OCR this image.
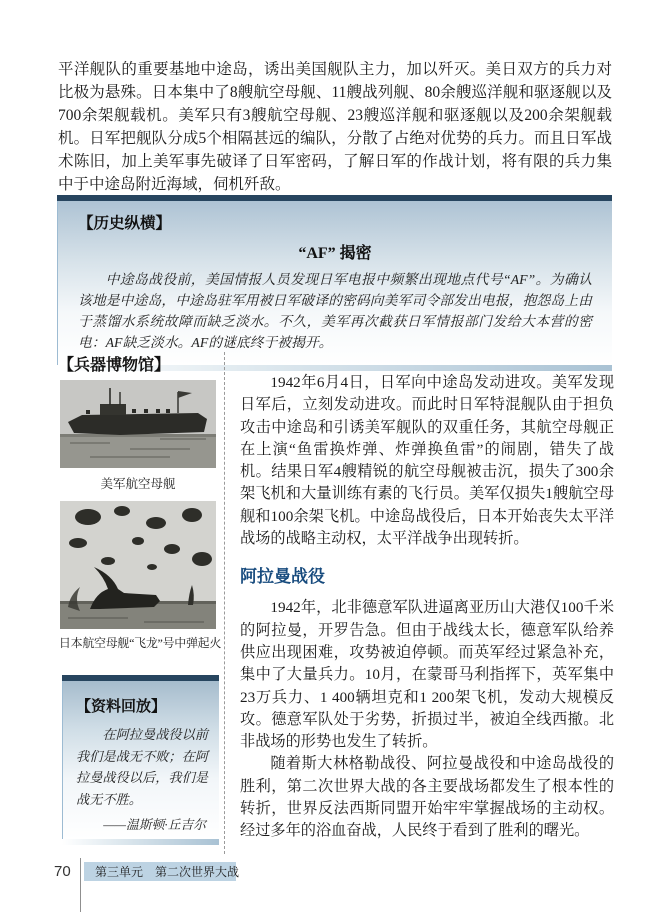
平洋舰队的重要基地中途岛，诱出美国舰队主力，加以歼灭。美日双方的兵力对比极为悬殊。日本集中了8艘航空母舰、11艘战列舰、80余艘巡洋舰和驱逐舰以及700余架舰载机。美军只有3艘航空母舰、23艘巡洋舰和驱逐舰以及200余架舰载机。日军把舰队分成5个相隔甚远的编队，分散了占绝对优势的兵力。而且日军战术陈旧，加上美军事先破译了日军密码，了解日军的作战计划，将有限的兵力集中于中途岛附近海域，伺机歼敌。

【历史纵横】
“AF” 揭密

中途岛战役前，美国情报人员发现日军电报中频繁出现地点代号“AF”。为确认该地是中途岛，中途岛驻军用被日军破译的密码向美军司令部发出电报，抱怨岛上由于蒸馏水系统故障而缺乏淡水。不久，美军再次截获日军情报部门发给大本营的密电：AF缺乏淡水。AF的谜底终于被揭开。

【兵器博物馆】
美军航空母舰
日本航空母舰“飞龙”号中弹起火
【资料回放】

在阿拉曼战役以前我们是战无不败；在阿拉曼战役以后，我们是战无不胜。

——温斯顿·丘吉尔

1942年6月4日，日军向中途岛发动进攻。美军发现日军后，立刻发动进攻。而此时日军特混舰队由于担负攻击中途岛和引诱美军舰队的双重任务，其航空母舰正在上演“鱼雷换炸弹、炸弹换鱼雷”的闹剧，错失了战机。结果日军4艘精锐的航空母舰被击沉，损失了300余架飞机和大量训练有素的飞行员。美军仅损失1艘航空母舰和100余架飞机。中途岛战役后，日本开始丧失太平洋战场的战略主动权，太平洋战争出现转折。

阿拉曼战役

1942年，北非德意军队进逼离亚历山大港仅100千米的阿拉曼，开罗告急。但由于战线太长，德意军队给养供应出现困难，攻势被迫停顿。而英军经过紧急补充，集中了大量兵力。10月，在蒙哥马利指挥下，英军集中23万兵力、1 400辆坦克和1 200架飞机，发动大规模反攻。德意军队处于劣势，折损过半，被迫全线西撤。北非战场的形势也发生了转折。

随着斯大林格勒战役、阿拉曼战役和中途岛战役的胜利，第二次世界大战的各主要战场都发生了根本性的转折，世界反法西斯同盟开始牢牢掌握战场的主动权。经过多年的浴血奋战，人民终于看到了胜利的曙光。

70 第三单元　第二次世界大战
